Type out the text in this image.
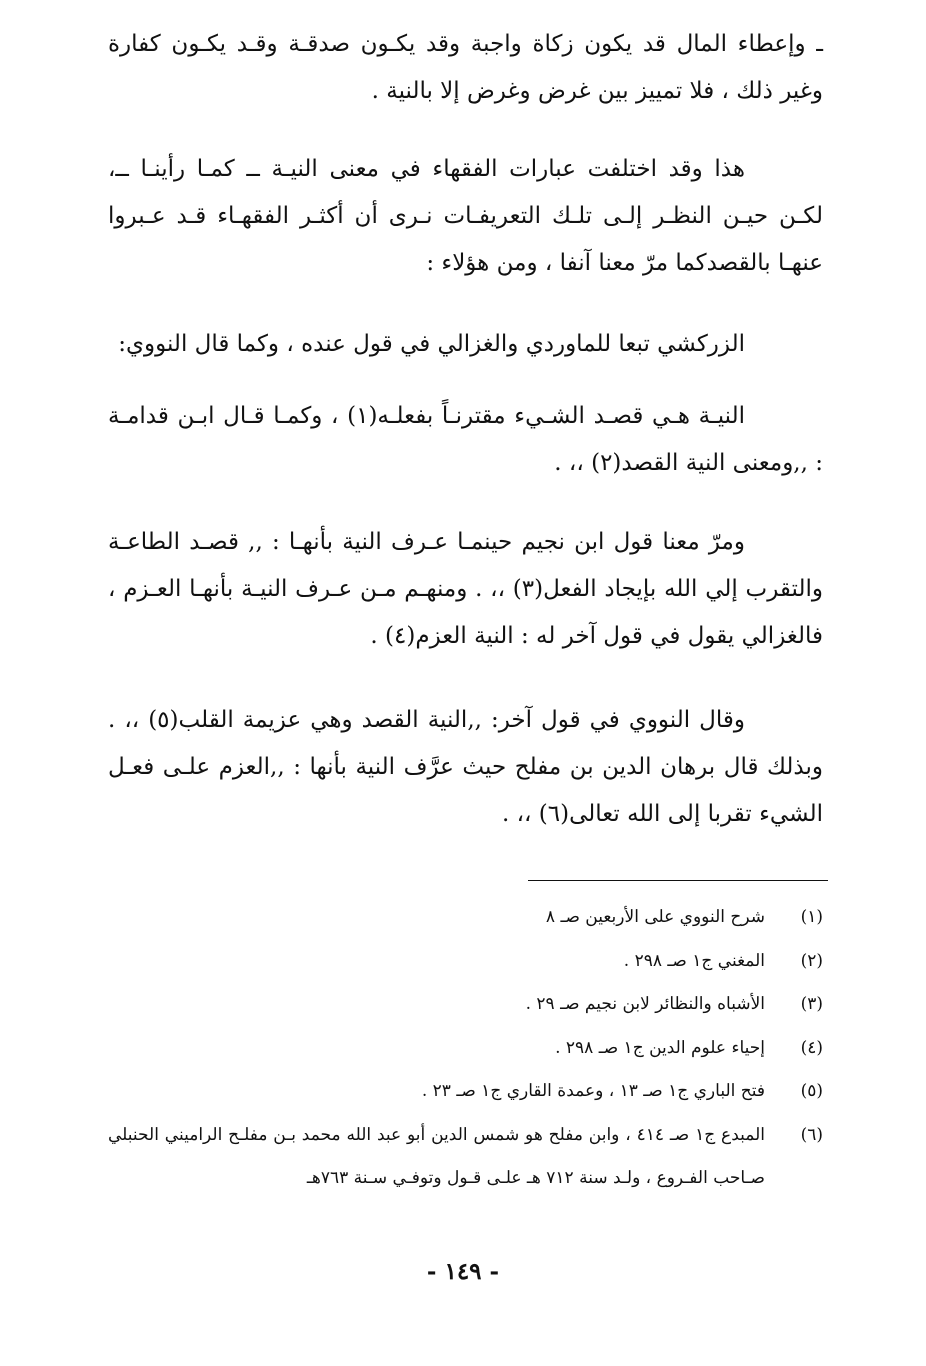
ـ وإعطاء المال قد يكون زكاة واجبة وقد يكـون صدقـة وقـد يكـون كفارة وغير ذلك ، فلا تمييز بين غرض وغرض إلا بالنية .

هذا وقد اختلفت عبارات الفقهاء في معنى النيـة ــ كمـا رأينـا ــ، لكـن حيـن النظـر إلـى تلـك التعريفـات نـرى أن أكثـر الفقهـاء قـد عـبروا عنهـا بالقصدكما مرّ معنا آنفا ، ومن هؤلاء :

الزركشي تبعا للماوردي والغزالي في قول عنده ، وكما قال النووي:

النيـة هـي قصـد الشـيء مقترنـاً بفعلـه(١) ، وكمـا قـال ابـن قدامـة : ,,ومعنى النية القصد(٢) ،، .

ومرّ معنا قول ابن نجيم حينمـا عـرف النية بأنهـا : ,, قصـد الطاعـة والتقرب إلي الله بإيجاد الفعل(٣) ،، . ومنهـم مـن عـرف النيـة بأنهـا العـزم ، فالغزالي يقول في قول آخر له : النية العزم(٤) .

وقال النووي في قول آخر: ,,النية القصد وهي عزيمة القلب(٥) ،، . وبذلك قال برهان الدين بن مفلح حيث عرَّف النية بأنها : ,,العزم علـى فعـل الشيء تقربا إلى الله تعالى(٦) ،، .

(١)
شرح النووي على الأربعين صـ ٨
(٢)
المغني ج١ صـ ٢٩٨ .
(٣)
الأشباه والنظائر لابن نجيم صـ ٢٩ .
(٤)
إحياء علوم الدين ج١ صـ ٢٩٨ .
(٥)
فتح الباري ج١ صـ ١٣ ، وعمدة القاري ج١ صـ ٢٣ .
(٦)
المبدع ج١ صـ ٤١٤ ، وابن مفلح هو شمس الدين أبو عبد الله محمد بـن مفلـح الراميني الحنبلي صـاحب الفـروع ، ولـد سنة ٧١٢ هـ علـى قـول وتوفـي سـنة ٧٦٣هـ
- ١٤٩ -
